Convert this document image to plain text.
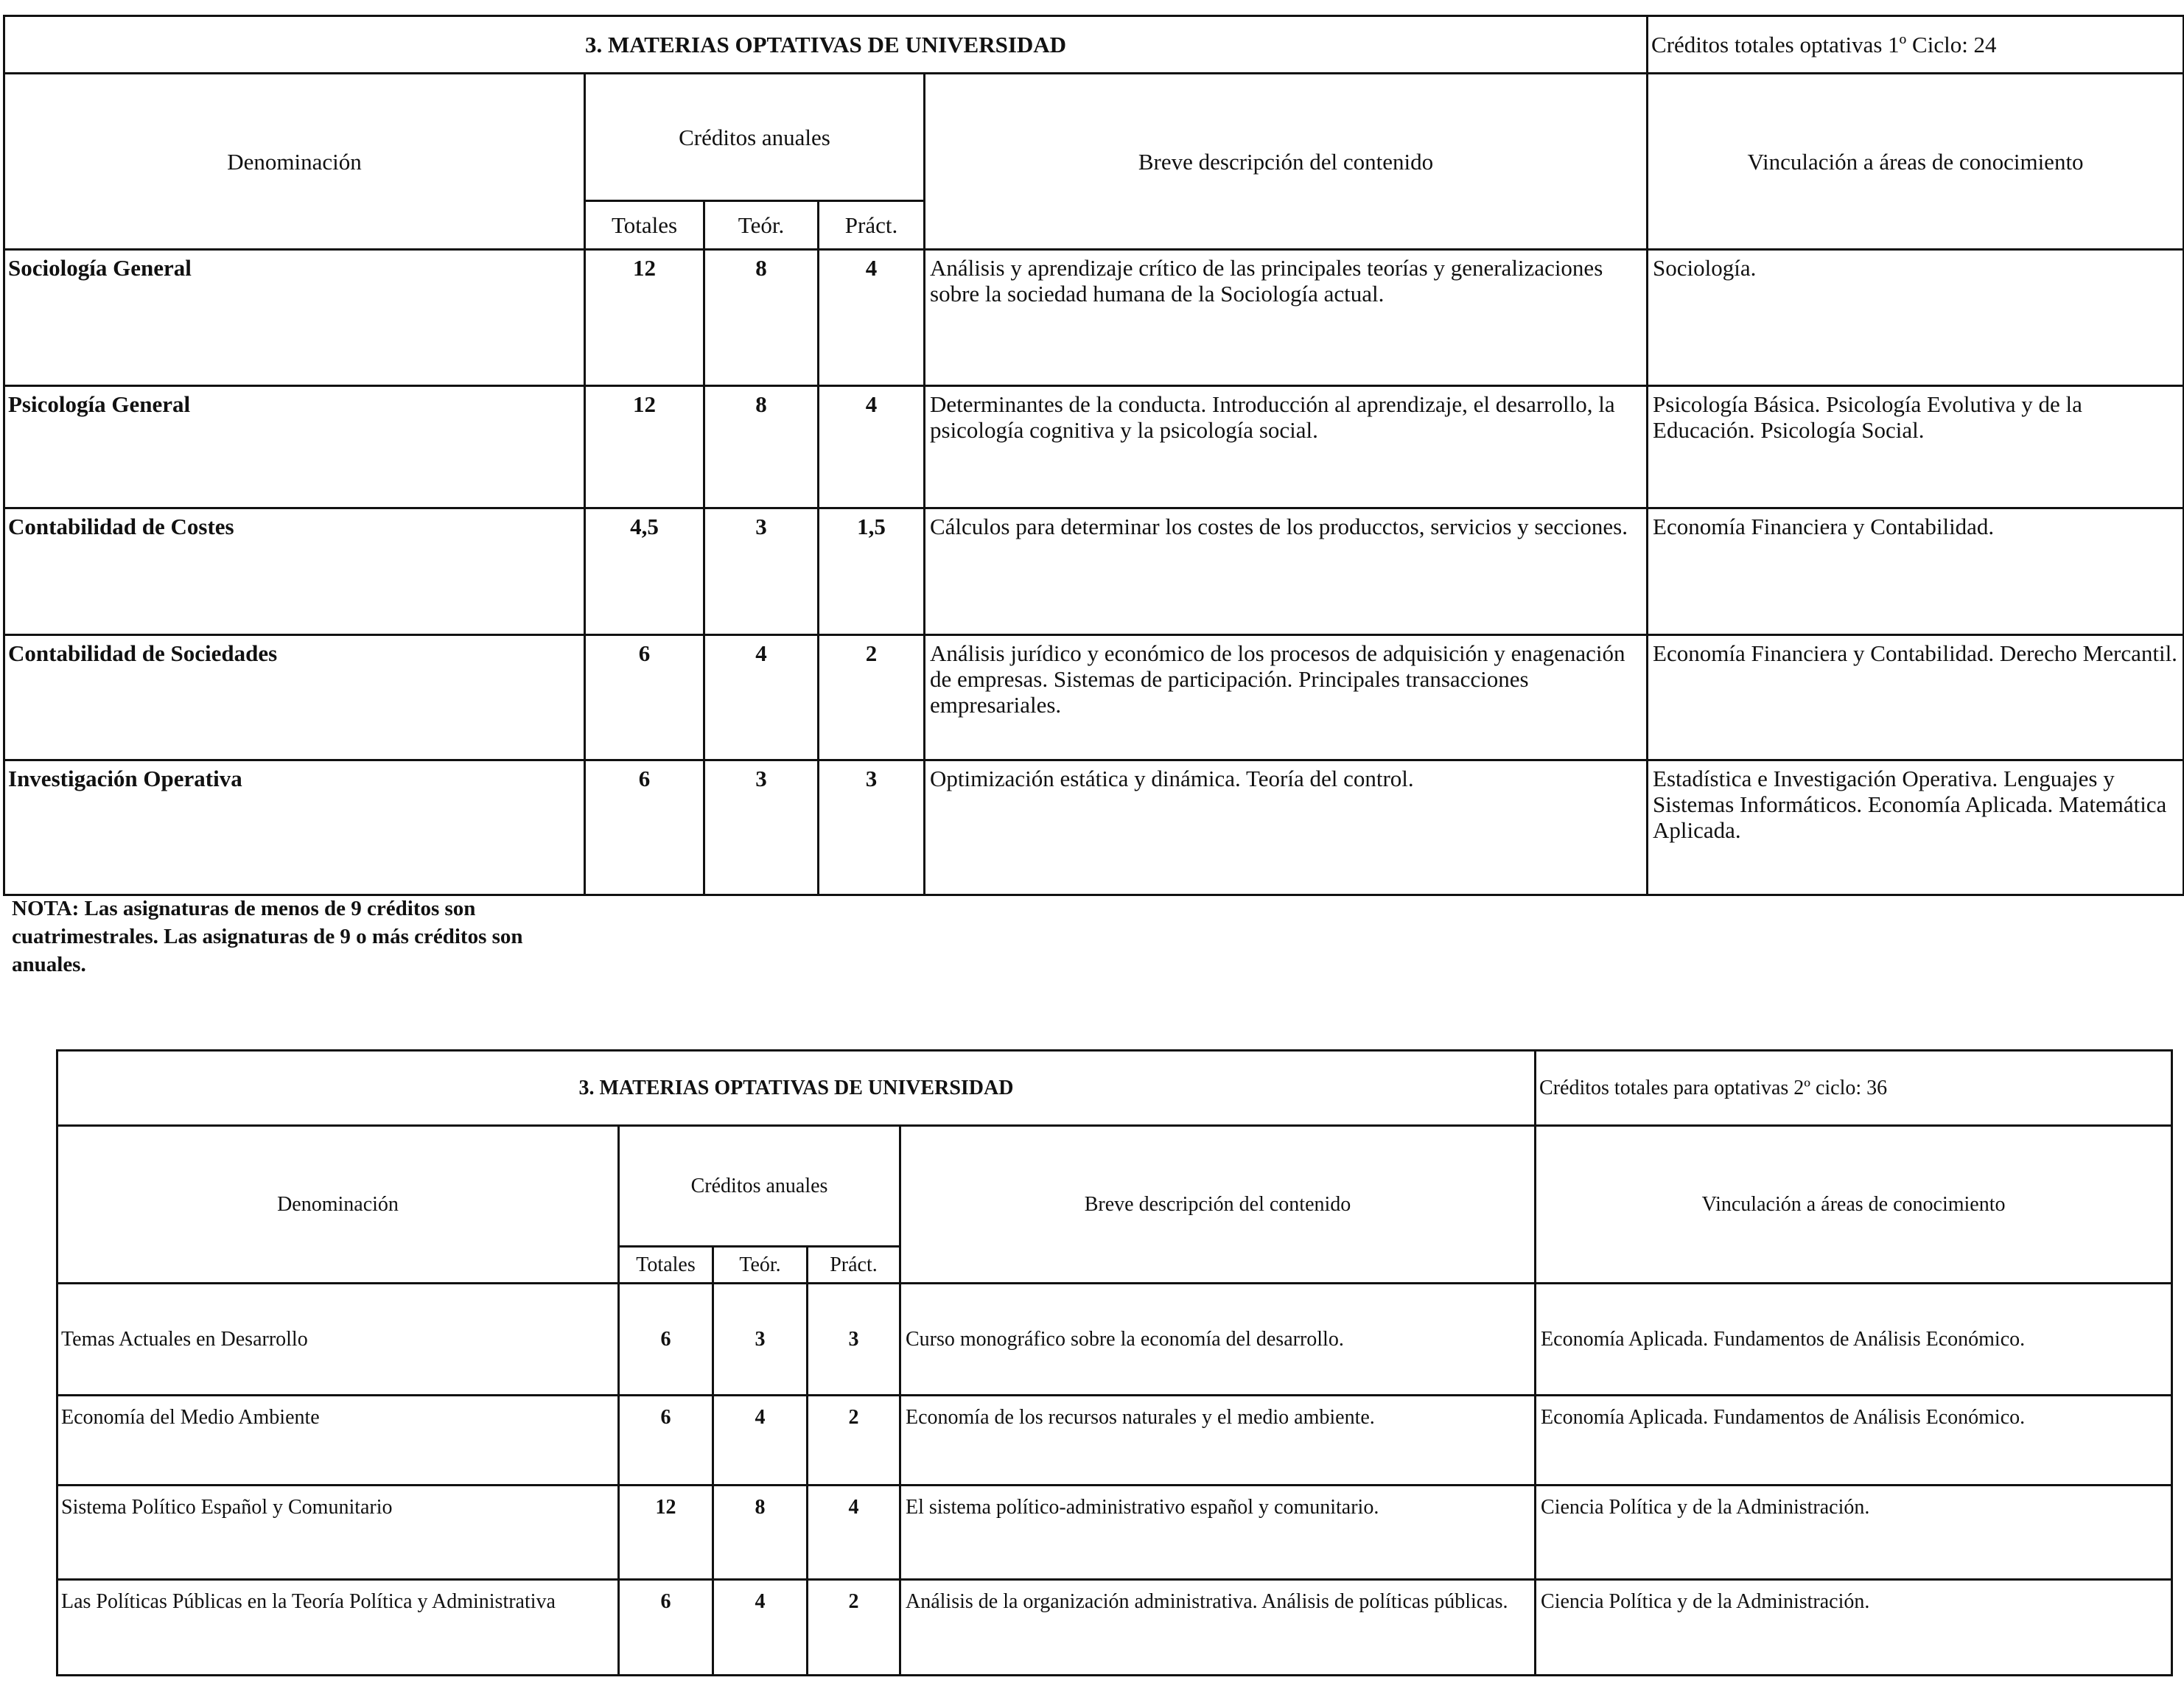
3. MATERIAS OPTATIVAS DE UNIVERSIDAD					Créditos totales optativas 1º Ciclo: 24
Denominación	Créditos anuales			Breve descripción del contenido	Vinculación a áreas de conocimiento
	Totales	Teór.	Práct.		
Sociología General	12	8	4	Análisis y aprendizaje crítico de las principales teorías y generalizaciones sobre la sociedad humana de la Sociología actual.	Sociología.
Psicología General	12	8	4	Determinantes de la conducta. Introducción al aprendizaje, el desarrollo, la psicología cognitiva y la psicología social.	Psicología Básica. Psicología Evolutiva y de la Educación. Psicología Social.
Contabilidad de Costes	4,5	3	1,5	Cálculos para determinar los costes de los producctos, servicios y secciones.	Economía Financiera y Contabilidad.
Contabilidad de Sociedades	6	4	2	Análisis jurídico y económico de los procesos de adquisición y enagenación de empresas. Sistemas de participación. Principales transacciones empresariales.	Economía Financiera y Contabilidad. Derecho Mercantil.
Investigación Operativa	6	3	3	Optimización estática y dinámica. Teoría del control.	Estadística e Investigación Operativa. Lenguajes y Sistemas Informáticos. Economía Aplicada. Matemática Aplicada.
NOTA: Las asignaturas de menos de 9 créditos son cuatrimestrales. Las asignaturas de 9 o más créditos son anuales.
3. MATERIAS OPTATIVAS DE UNIVERSIDAD					Créditos totales para optativas 2º ciclo: 36
Denominación	Créditos anuales			Breve descripción del contenido	Vinculación a áreas de conocimiento
	Totales	Teór.	Práct.		
Temas Actuales en Desarrollo	6	3	3	Curso monográfico sobre la economía del desarrollo.	Economía Aplicada. Fundamentos de Análisis Económico.
Economía del Medio Ambiente	6	4	2	Economía de los recursos naturales y el medio ambiente.	Economía Aplicada. Fundamentos de Análisis Económico.
Sistema Político Español y Comunitario	12	8	4	El sistema político-administrativo español y comunitario.	Ciencia Política y de la Administración.
Las Políticas Públicas en la Teoría Política y Administrativa	6	4	2	Análisis de la organización administrativa. Análisis de políticas públicas.	Ciencia Política y de la Administración.
